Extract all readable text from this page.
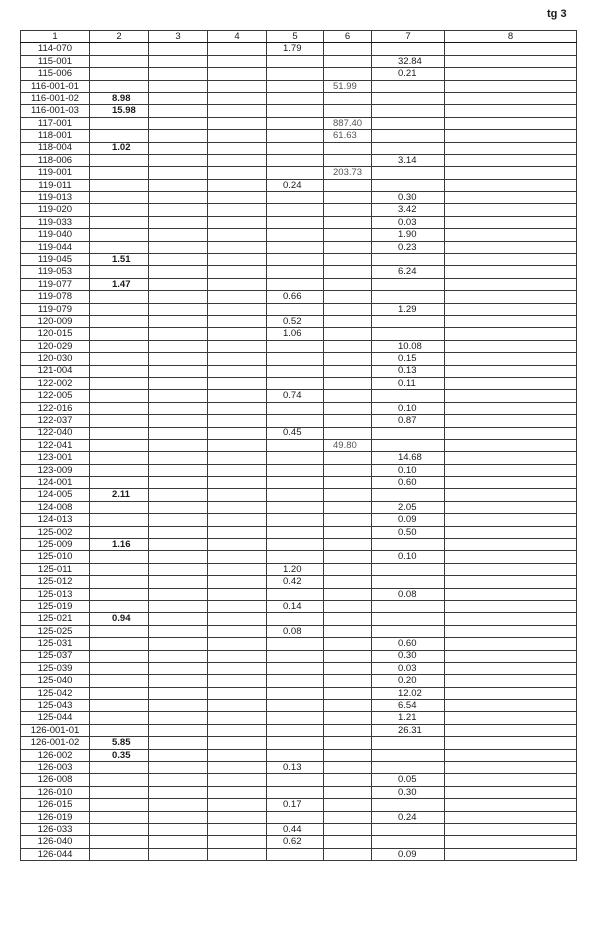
tg 3
1	2	3	4	5	6	7	8
114-070				1.79			
115-001						32.84	
115-006						0.21	
116-001-01					51.99		
116-001-02	8.98						
116-001-03	15.98						
117-001					887.40		
118-001					61.63		
118-004	1.02						
118-006						3.14	
119-001					203.73		
119-011				0.24			
119-013						0.30	
119-020						3.42	
119-033						0.03	
119-040						1.90	
119-044						0.23	
119-045	1.51						
119-053						6.24	
119-077	1.47						
119-078				0.66			
119-079						1.29	
120-009				0.52			
120-015				1.06			
120-029						10.08	
120-030						0.15	
121-004						0.13	
122-002						0.11	
122-005				0.74			
122-016						0.10	
122-037						0.87	
122-040				0.45			
122-041					49.80		
123-001						14.68	
123-009						0.10	
124-001						0.60	
124-005	2.11						
124-008						2.05	
124-013						0.09	
125-002						0.50	
125-009	1.16						
125-010						0.10	
125-011				1.20			
125-012				0.42			
125-013						0.08	
125-019				0.14			
125-021	0.94						
125-025				0.08			
125-031						0.60	
125-037						0.30	
125-039						0.03	
125-040						0.20	
125-042						12.02	
125-043						6.54	
125-044						1.21	
126-001-01						26.31	
126-001-02	5.85						
126-002	0.35						
126-003				0.13			
126-008						0.05	
126-010						0.30	
126-015				0.17			
126-019						0.24	
126-033				0.44			
126-040				0.62			
126-044						0.09	
